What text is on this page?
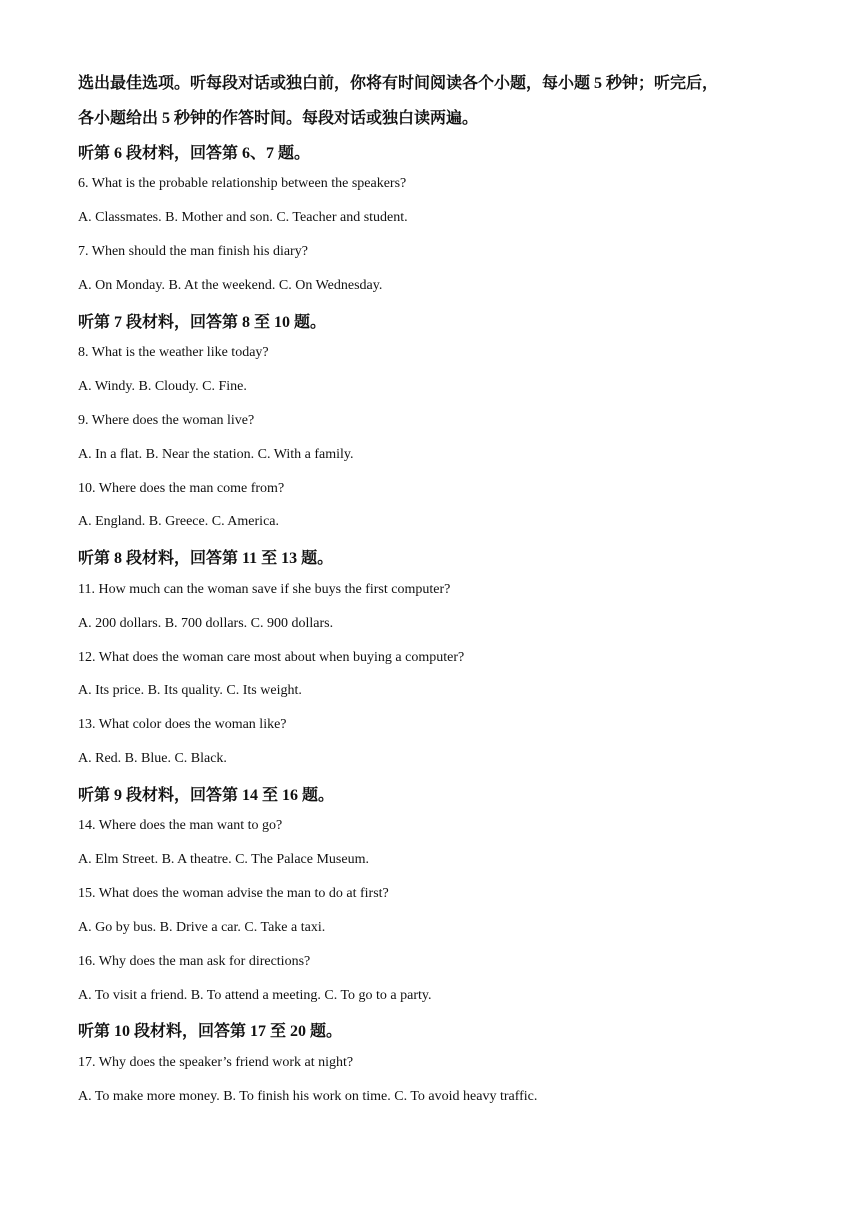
选出最佳选项。听每段对话或独白前，你将有时间阅读各个小题，每小题 5 秒钟；听完后，
各小题给出 5 秒钟的作答时间。每段对话或独白读两遍。

听第 6 段材料，回答第 6、7 题。

6. What is the probable relationship between the speakers?

A. Classmates. B. Mother and son. C. Teacher and student.

7. When should the man finish his diary?

A. On Monday. B. At the weekend. C. On Wednesday.

听第 7 段材料，回答第 8 至 10 题。

8. What is the weather like today?

A. Windy. B. Cloudy. C. Fine.

9. Where does the woman live?

A. In a flat. B. Near the station. C. With a family.

10. Where does the man come from?

A. England. B. Greece. C. America.

听第 8 段材料，回答第 11 至 13 题。

11. How much can the woman save if she buys the first computer?

A. 200 dollars. B. 700 dollars. C. 900 dollars.

12. What does the woman care most about when buying a computer?

A. Its price. B. Its quality. C. Its weight.

13. What color does the woman like?

A. Red. B. Blue. C. Black.

听第 9 段材料，回答第 14 至 16 题。

14. Where does the man want to go?

A. Elm Street. B. A theatre. C. The Palace Museum.

15. What does the woman advise the man to do at first?

A. Go by bus. B. Drive a car. C. Take a taxi.

16. Why does the man ask for directions?

A. To visit a friend. B. To attend a meeting. C. To go to a party.

听第 10 段材料，回答第 17 至 20 题。

17. Why does the speaker’s friend work at night?

A. To make more money. B. To finish his work on time. C. To avoid heavy traffic.
